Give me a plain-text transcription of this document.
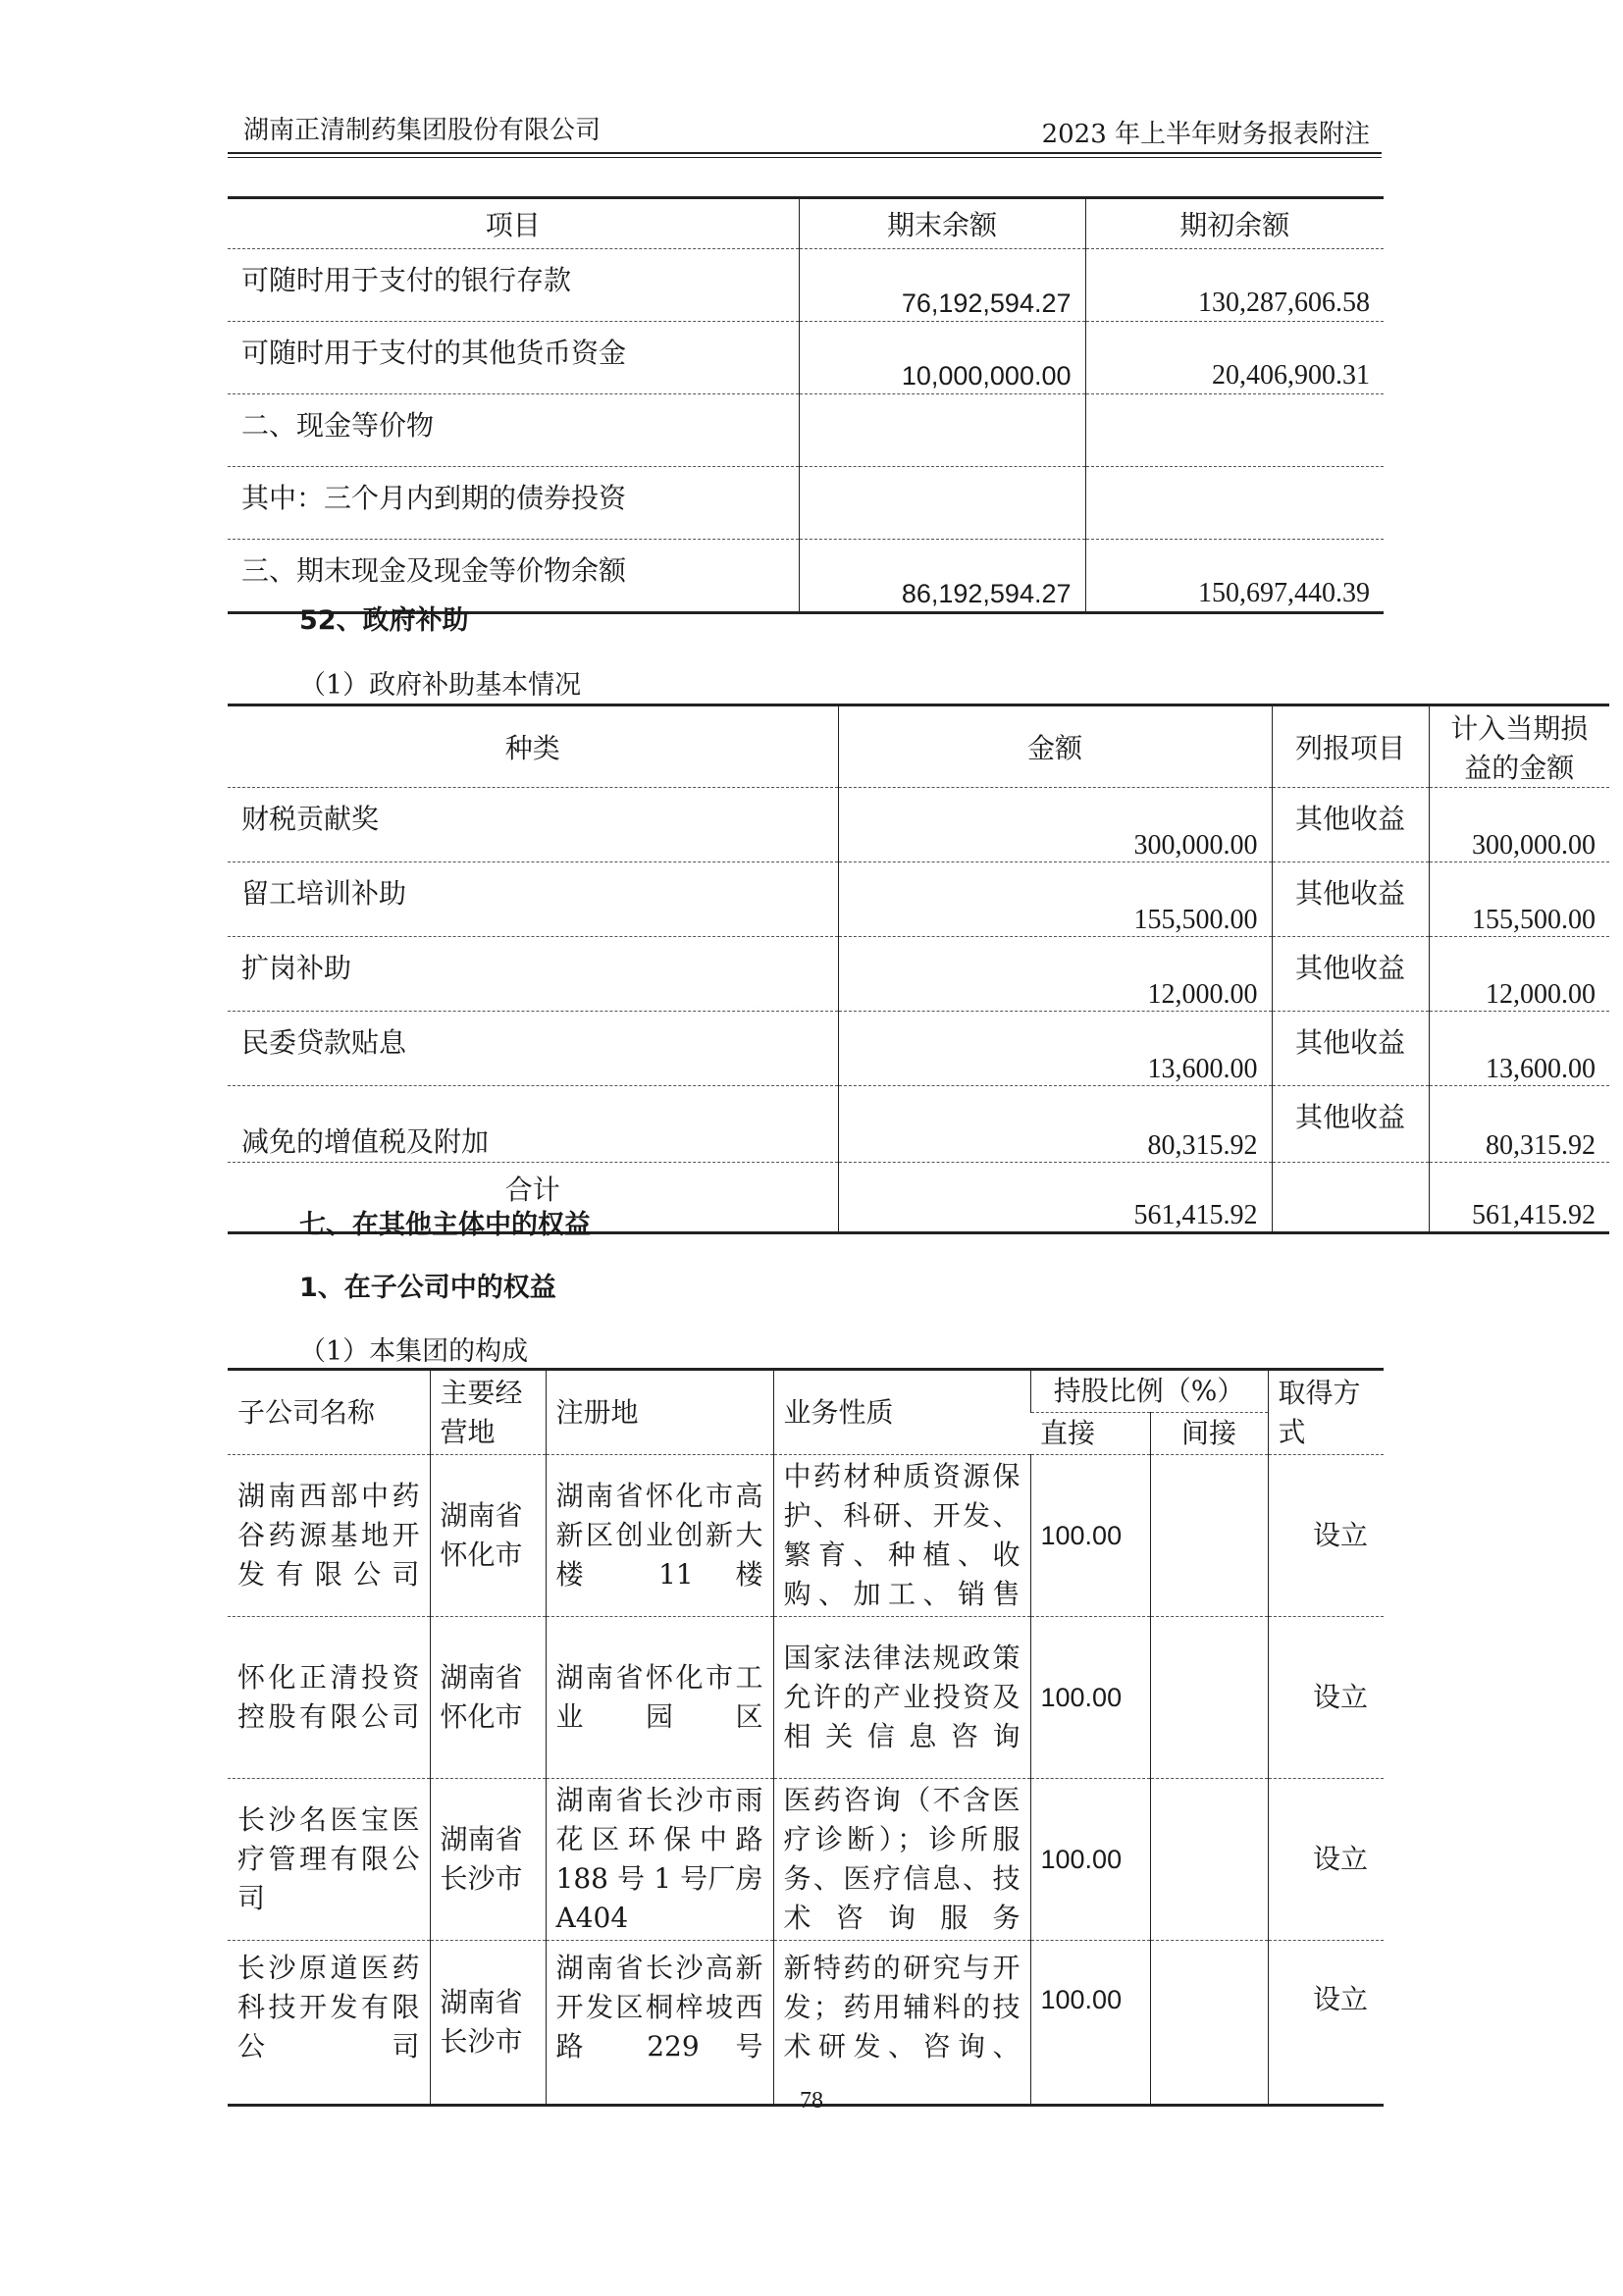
湖南正清制药集团股份有限公司	2023 年上半年财务报表附注
项目	期末余额	期初余额
可随时用于支付的银行存款	76,192,594.27	130,287,606.58
可随时用于支付的其他货币资金	10,000,000.00	20,406,900.31
二、现金等价物		
其中：三个月内到期的债券投资		
三、期末现金及现金等价物余额	86,192,594.27	150,697,440.39
52、政府补助
（1）政府补助基本情况
种类	金额	列报项目	计入当期损益的金额
财税贡献奖	300,000.00	其他收益	300,000.00
留工培训补助	155,500.00	其他收益	155,500.00
扩岗补助	12,000.00	其他收益	12,000.00
民委贷款贴息	13,600.00	其他收益	13,600.00
减免的增值税及附加	80,315.92	其他收益	80,315.92
合计	561,415.92		561,415.92
七、在其他主体中的权益
1、在子公司中的权益
（1）本集团的构成
子公司名称	主要经营地	注册地	业务性质	持股比例（%）		取得方式
				直接	间接	
湖南西部中药谷药源基地开发有限公司	湖南省怀化市	湖南省怀化市高新区创业创新大楼 11 楼	中药材种质资源保护、科研、开发、繁育、种植、收购、加工、销售	100.00		设立
怀化正清投资控股有限公司	湖南省怀化市	湖南省怀化市工业园区	国家法律法规政策允许的产业投资及相关信息咨询	100.00		设立
长沙名医宝医疗管理有限公司	湖南省长沙市	湖南省长沙市雨花区环保中路 188 号 1 号厂房 A404	医药咨询（不含医疗诊断）；诊所服务、医疗信息、技术咨询服务	100.00		设立
长沙原道医药科技开发有限公司	湖南省长沙市	湖南省长沙高新开发区桐梓坡西路 229 号	新特药的研究与开发；药用辅料的技术研发、咨询、	100.00		设立
78
